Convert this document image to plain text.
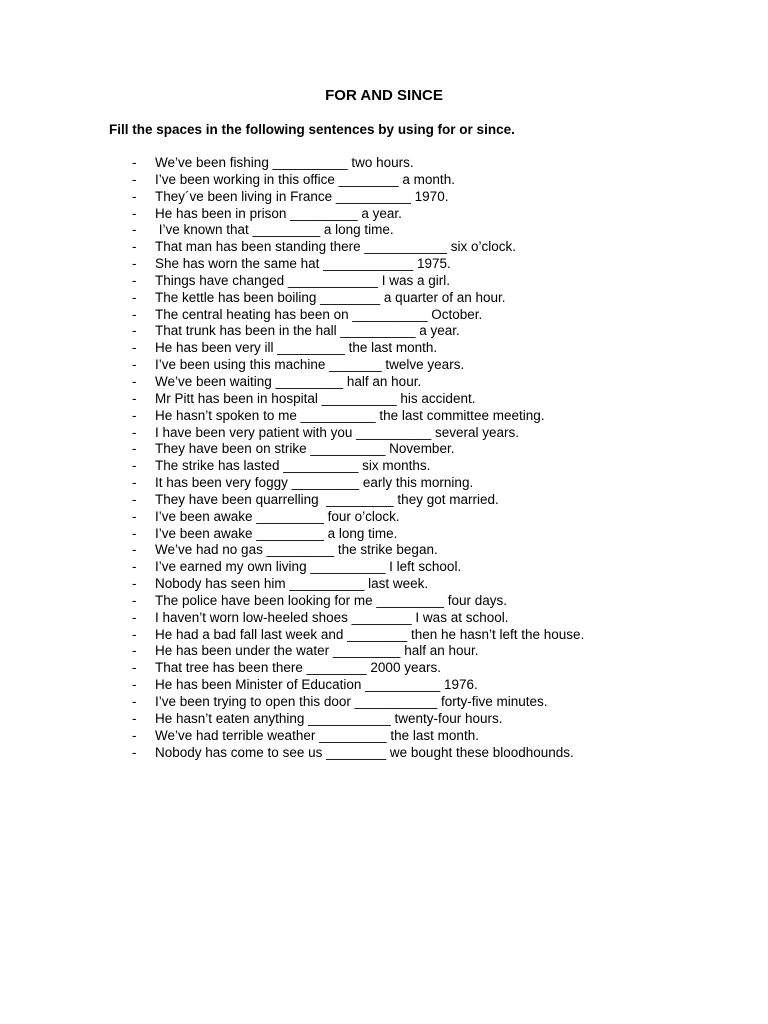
FOR AND SINCE
Fill the spaces in the following sentences by using for or since.
-	We’ve been fishing __________ two hours.
-	I’ve been working in this office ________ a month.
-	They´ve been living in France __________ 1970.
-	He has been in prison _________ a year.
-	I’ve known that _________ a long time.
-	That man has been standing there ___________ six o’clock.
-	She has worn the same hat ____________ 1975.
-	Things have changed ____________ I was a girl.
-	The kettle has been boiling ________ a quarter of an hour.
-	The central heating has been on __________ October.
-	That trunk has been in the hall __________ a year.
-	He has been very ill _________ the last month.
-	I’ve been using this machine _______ twelve years.
-	We’ve been waiting _________ half an hour.
-	Mr Pitt has been in hospital __________ his accident.
-	He hasn’t spoken to me __________ the last committee meeting.
-	I have been very patient with you __________ several years.
-	They have been on strike __________ November.
-	The strike has lasted __________ six months.
-	It has been very foggy _________ early this morning.
-	They have been quarrelling  _________ they got married.
-	I’ve been awake _________ four o’clock.
-	I’ve been awake _________ a long time.
-	We’ve had no gas _________ the strike began.
-	I’ve earned my own living __________ I left school.
-	Nobody has seen him __________ last week.
-	The police have been looking for me _________ four days.
-	I haven’t worn low-heeled shoes ________ I was at school.
-	He had a bad fall last week and ________ then he hasn’t left the house.
-	He has been under the water _________ half an hour.
-	That tree has been there ________ 2000 years.
-	He has been Minister of Education __________ 1976.
-	I’ve been trying to open this door ___________ forty-five minutes.
-	He hasn’t eaten anything ___________ twenty-four hours.
-	We’ve had terrible weather _________ the last month.
-	Nobody has come to see us ________ we bought these bloodhounds.
